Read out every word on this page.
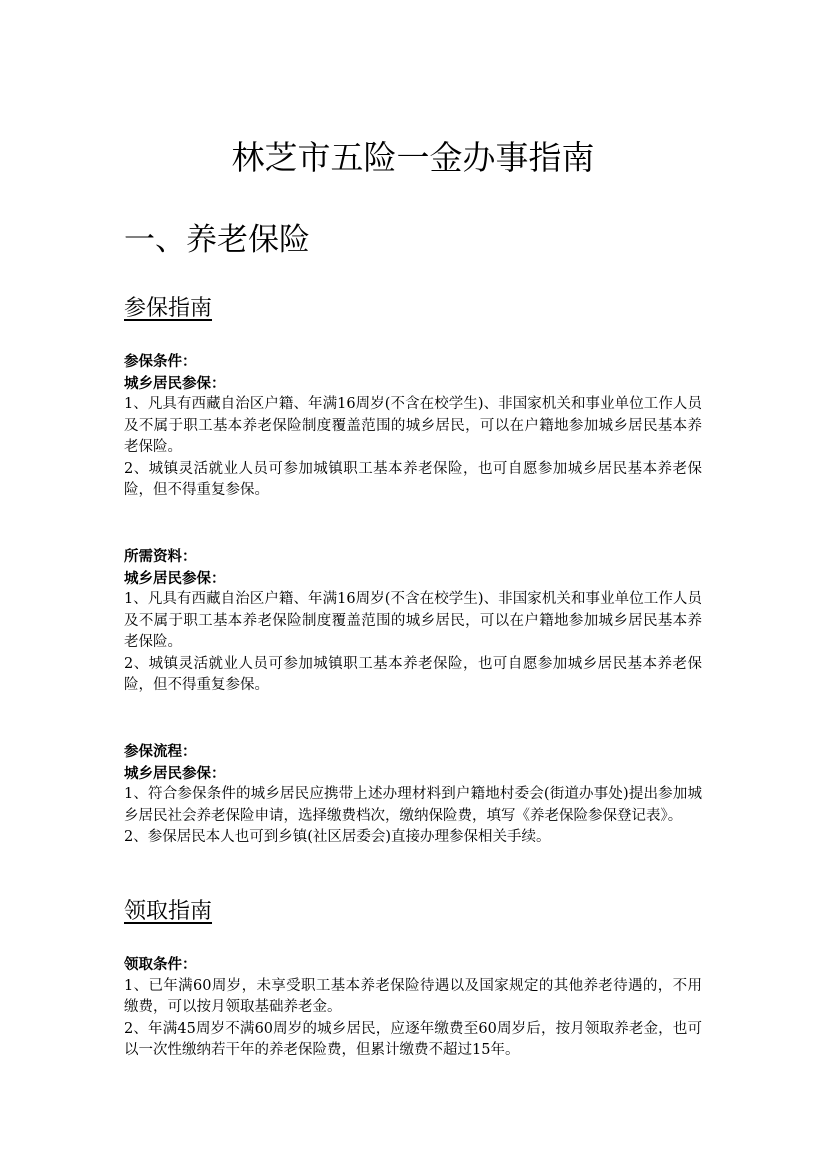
林芝市五险一金办事指南
一、养老保险
参保指南
参保条件：
城乡居民参保：

1、凡具有西藏自治区户籍、年满16周岁(不含在校学生)、非国家机关和事业单位工作人员及不属于职工基本养老保险制度覆盖范围的城乡居民，可以在户籍地参加城乡居民基本养老保险。

2、城镇灵活就业人员可参加城镇职工基本养老保险，也可自愿参加城乡居民基本养老保险，但不得重复参保。

所需资料：
城乡居民参保：

1、凡具有西藏自治区户籍、年满16周岁(不含在校学生)、非国家机关和事业单位工作人员及不属于职工基本养老保险制度覆盖范围的城乡居民，可以在户籍地参加城乡居民基本养老保险。

2、城镇灵活就业人员可参加城镇职工基本养老保险，也可自愿参加城乡居民基本养老保险，但不得重复参保。

参保流程：
城乡居民参保：

1、符合参保条件的城乡居民应携带上述办理材料到户籍地村委会(街道办事处)提出参加城乡居民社会养老保险申请，选择缴费档次，缴纳保险费，填写《养老保险参保登记表》。

2、参保居民本人也可到乡镇(社区居委会)直接办理参保相关手续。

领取指南
领取条件：

1、已年满60周岁，未享受职工基本养老保险待遇以及国家规定的其他养老待遇的，不用缴费，可以按月领取基础养老金。

2、年满45周岁不满60周岁的城乡居民，应逐年缴费至60周岁后，按月领取养老金，也可以一次性缴纳若干年的养老保险费，但累计缴费不超过15年。
